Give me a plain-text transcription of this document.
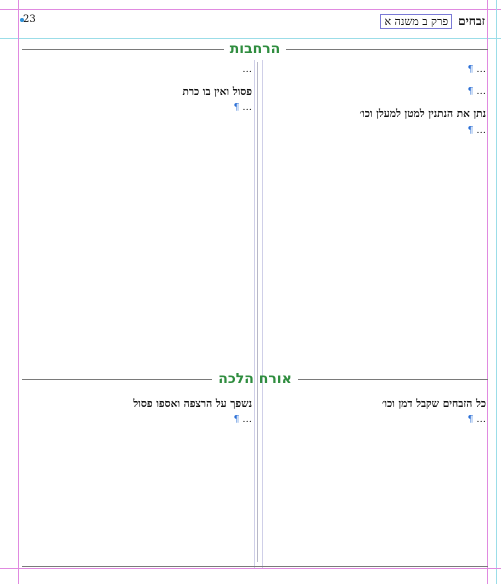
23	זבחים
פרק ב משנה א
הרחבות

… ¶

… ¶

נתן את הנתנין למטן למעלן וכו׳

… ¶

…

פסול ואין בו כרת

… ¶

אורח הלכה
כל הזבחים שקבל דמן וכו׳

… ¶

נשפך על הרצפה ואספו פסול

… ¶
